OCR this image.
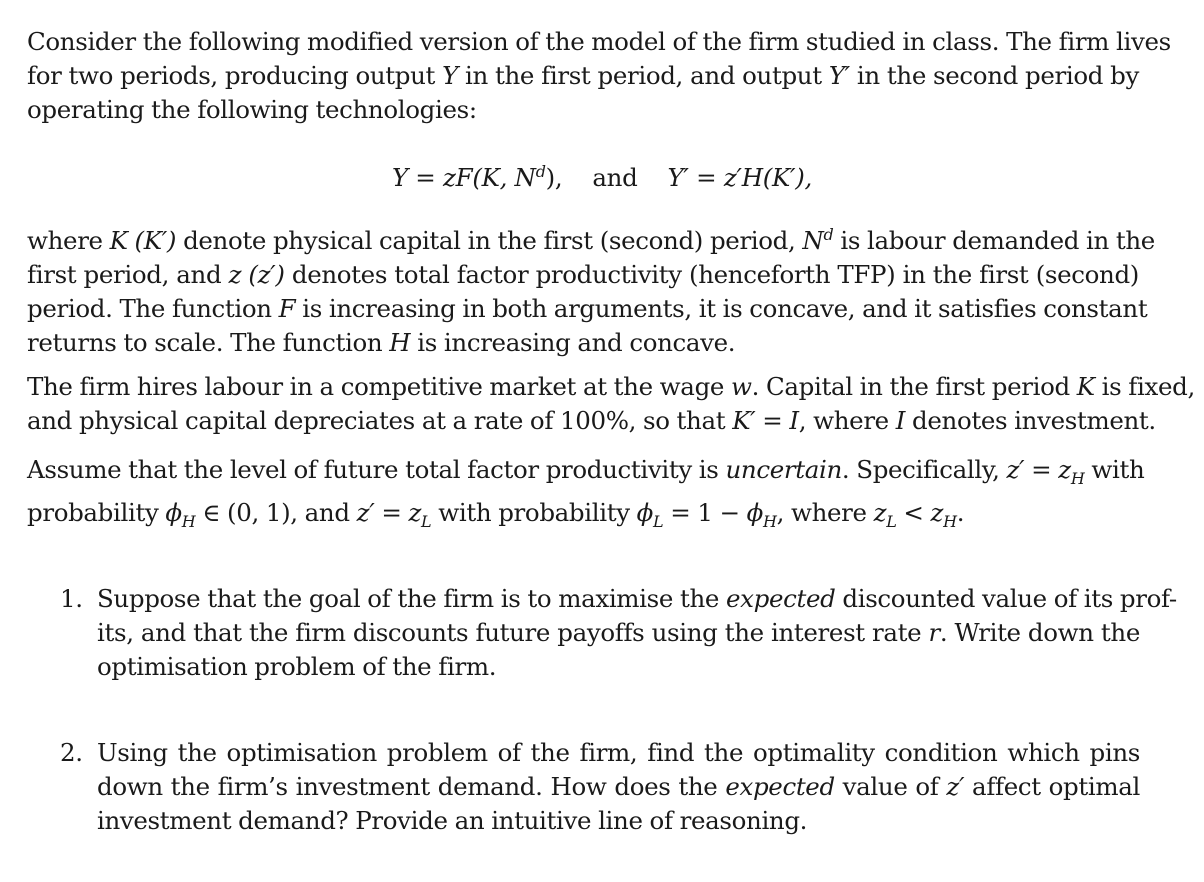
Consider the following modified version of the model of the firm studied in class. The firm lives
for two periods, producing output Y in the first period, and output Y′ in the second period by
operating the following technologies:
Y = zF(K, $N^d$), and Y′ = z′H(K′),
where K (K′) denote physical capital in the first (second) period, $N^d$ is labour demanded in the
first period, and z (z′) denotes total factor productivity (henceforth TFP) in the first (second)
period. The function F is increasing in both arguments, it is concave, and it satisfies constant
returns to scale. The function H is increasing and concave.
The firm hires labour in a competitive market at the wage w. Capital in the first period K is fixed,
and physical capital depreciates at a rate of 100%, so that K′ = I, where I denotes investment.
Assume that the level of future total factor productivity is uncertain. Specifically, $z' = z_H$ with
probability $\phi_H$ ∈ (0, 1), and $z' = z_L$ with probability $\phi_L = 1 - \phi_H$, where $z_L < z_H$.
1. Suppose that the goal of the firm is to maximise the expected discounted value of its prof-
its, and that the firm discounts future payoffs using the interest rate r. Write down the
optimisation problem of the firm.
2. Using the optimisation problem of the firm, find the optimality condition which pins
down the firm’s investment demand. How does the expected value of z′ affect optimal
investment demand? Provide an intuitive line of reasoning.
